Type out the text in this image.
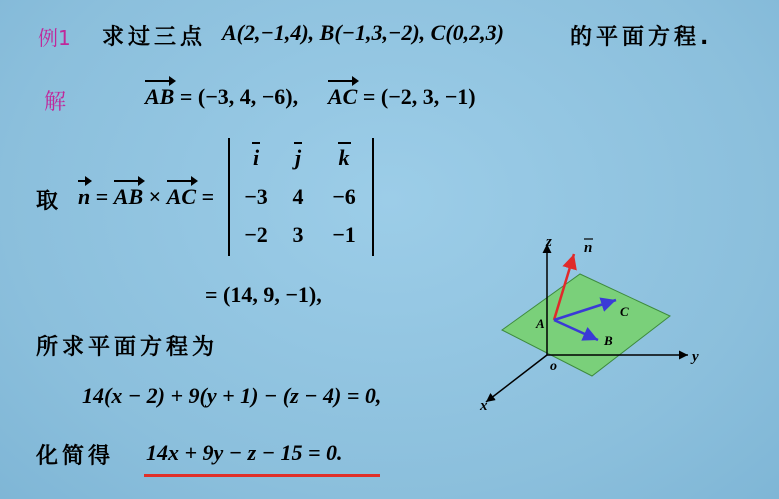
例1 求过三点 A(2,−1,4), B(−1,3,−2), C(0,2,3)	的平面方程.
解	AB = (−3, 4, −6), AC = (−2, 3, −1)
取 n = AB × AC =
i	j	k
−3	4	−6
−2	3	−1
= (14, 9, −1),
所求平面方程为
14(x − 2) + 9(y + 1) − (z − 4) = 0,
化简得 14x + 9y − z − 15 = 0.
z n
y
x
o
A
C
B
